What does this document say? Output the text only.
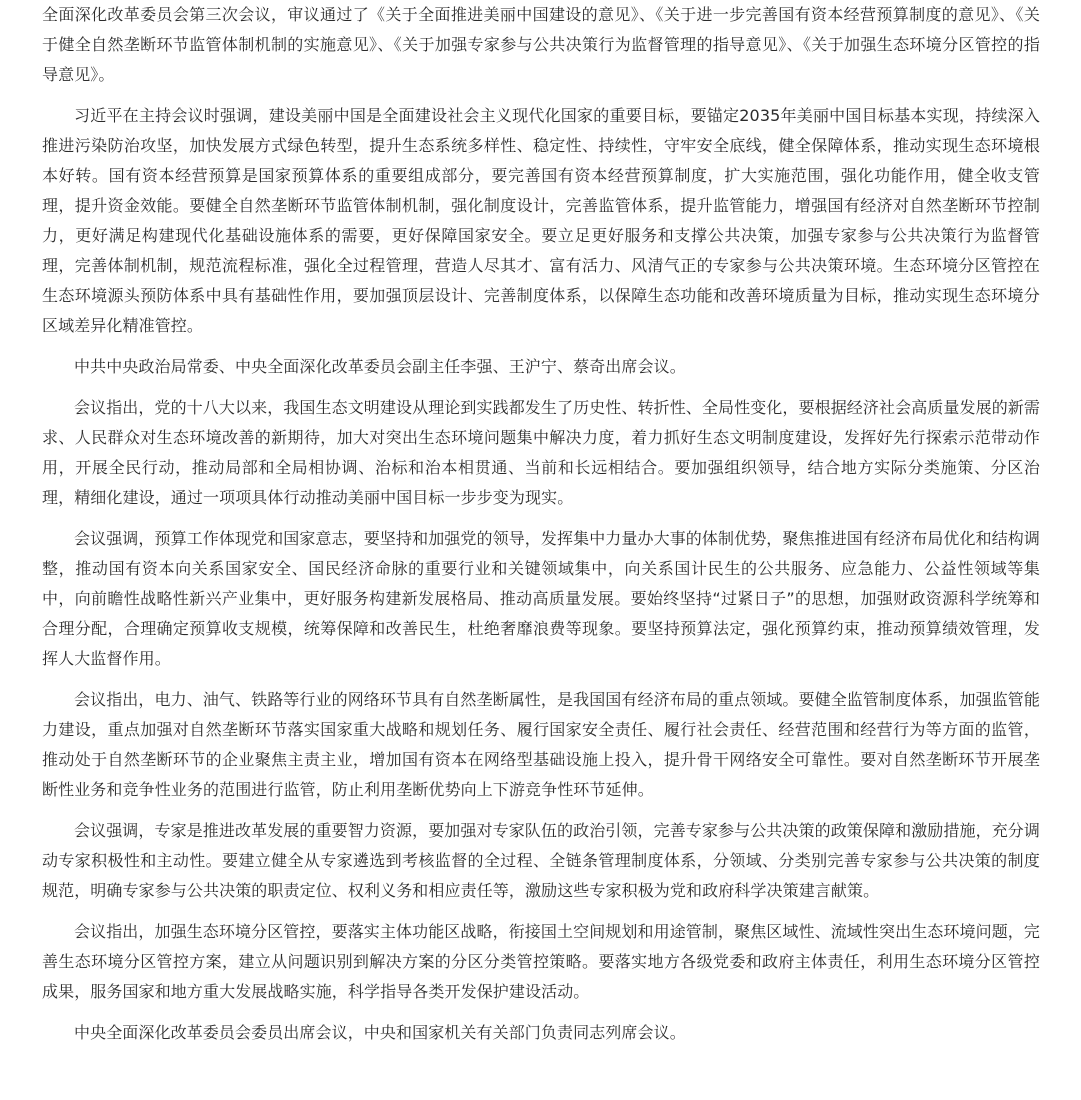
全面深化改革委员会第三次会议，审议通过了《关于全面推进美丽中国建设的意见》、《关于进一步完善国有资本经营预算制度的意见》、《关于健全自然垄断环节监管体制机制的实施意见》、《关于加强专家参与公共决策行为监督管理的指导意见》、《关于加强生态环境分区管控的指导意见》。

习近平在主持会议时强调，建设美丽中国是全面建设社会主义现代化国家的重要目标，要锚定2035年美丽中国目标基本实现，持续深入推进污染防治攻坚，加快发展方式绿色转型，提升生态系统多样性、稳定性、持续性，守牢安全底线，健全保障体系，推动实现生态环境根本好转。国有资本经营预算是国家预算体系的重要组成部分，要完善国有资本经营预算制度，扩大实施范围，强化功能作用，健全收支管理，提升资金效能。要健全自然垄断环节监管体制机制，强化制度设计，完善监管体系，提升监管能力，增强国有经济对自然垄断环节控制力，更好满足构建现代化基础设施体系的需要，更好保障国家安全。要立足更好服务和支撑公共决策，加强专家参与公共决策行为监督管理，完善体制机制，规范流程标准，强化全过程管理，营造人尽其才、富有活力、风清气正的专家参与公共决策环境。生态环境分区管控在生态环境源头预防体系中具有基础性作用，要加强顶层设计、完善制度体系，以保障生态功能和改善环境质量为目标，推动实现生态环境分区域差异化精准管控。

中共中央政治局常委、中央全面深化改革委员会副主任李强、王沪宁、蔡奇出席会议。

会议指出，党的十八大以来，我国生态文明建设从理论到实践都发生了历史性、转折性、全局性变化，要根据经济社会高质量发展的新需求、人民群众对生态环境改善的新期待，加大对突出生态环境问题集中解决力度，着力抓好生态文明制度建设，发挥好先行探索示范带动作用，开展全民行动，推动局部和全局相协调、治标和治本相贯通、当前和长远相结合。要加强组织领导，结合地方实际分类施策、分区治理，精细化建设，通过一项项具体行动推动美丽中国目标一步步变为现实。

会议强调，预算工作体现党和国家意志，要坚持和加强党的领导，发挥集中力量办大事的体制优势，聚焦推进国有经济布局优化和结构调整，推动国有资本向关系国家安全、国民经济命脉的重要行业和关键领域集中，向关系国计民生的公共服务、应急能力、公益性领域等集中，向前瞻性战略性新兴产业集中，更好服务构建新发展格局、推动高质量发展。要始终坚持“过紧日子”的思想，加强财政资源科学统筹和合理分配，合理确定预算收支规模，统筹保障和改善民生，杜绝奢靡浪费等现象。要坚持预算法定，强化预算约束，推动预算绩效管理，发挥人大监督作用。

会议指出，电力、油气、铁路等行业的网络环节具有自然垄断属性，是我国国有经济布局的重点领域。要健全监管制度体系，加强监管能力建设，重点加强对自然垄断环节落实国家重大战略和规划任务、履行国家安全责任、履行社会责任、经营范围和经营行为等方面的监管，推动处于自然垄断环节的企业聚焦主责主业，增加国有资本在网络型基础设施上投入，提升骨干网络安全可靠性。要对自然垄断环节开展垄断性业务和竞争性业务的范围进行监管，防止利用垄断优势向上下游竞争性环节延伸。

会议强调，专家是推进改革发展的重要智力资源，要加强对专家队伍的政治引领，完善专家参与公共决策的政策保障和激励措施，充分调动专家积极性和主动性。要建立健全从专家遴选到考核监督的全过程、全链条管理制度体系，分领域、分类别完善专家参与公共决策的制度规范，明确专家参与公共决策的职责定位、权利义务和相应责任等，激励这些专家积极为党和政府科学决策建言献策。

会议指出，加强生态环境分区管控，要落实主体功能区战略，衔接国土空间规划和用途管制，聚焦区域性、流域性突出生态环境问题，完善生态环境分区管控方案，建立从问题识别到解决方案的分区分类管控策略。要落实地方各级党委和政府主体责任，利用生态环境分区管控成果，服务国家和地方重大发展战略实施，科学指导各类开发保护建设活动。

中央全面深化改革委员会委员出席会议，中央和国家机关有关部门负责同志列席会议。
